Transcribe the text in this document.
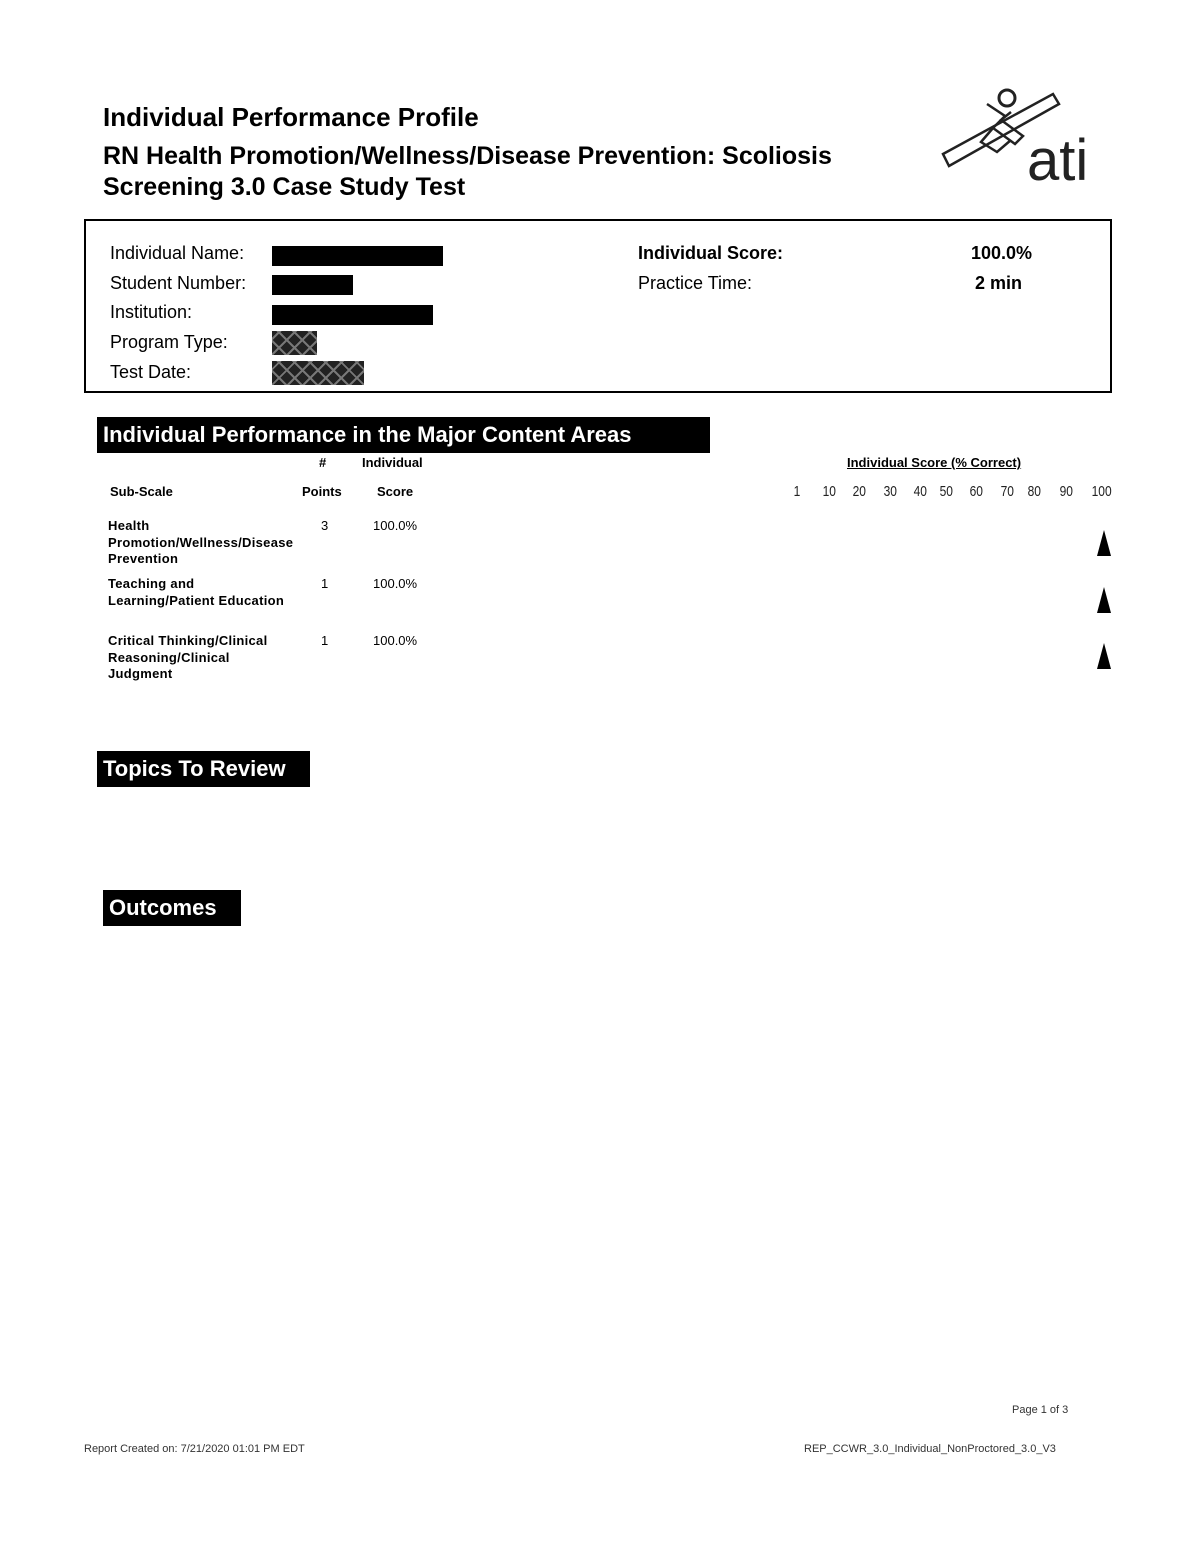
Individual Performance Profile
RN Health Promotion/Wellness/Disease Prevention: Scoliosis Screening 3.0 Case Study Test	ati
Individual Name:
Student Number:
Institution:
Program Type:
Test Date:
Individual Score:	100.0%
Practice Time:	2 min
Individual Performance in the Major Content Areas
#	Individual
Sub-Scale	Points	Score
Individual Score (% Correct)
1 10 20 30 40 50 60 70 80 90 100
Health Promotion/Wellness/Disease Prevention
3	100.0%
Teaching and Learning/Patient Education
1	100.0%
Critical Thinking/Clinical Reasoning/Clinical Judgment
1	100.0%
Topics To Review
Outcomes
Page 1 of 3
Report Created on: 7/21/2020 01:01 PM EDT	REP_CCWR_3.0_Individual_NonProctored_3.0_V3
